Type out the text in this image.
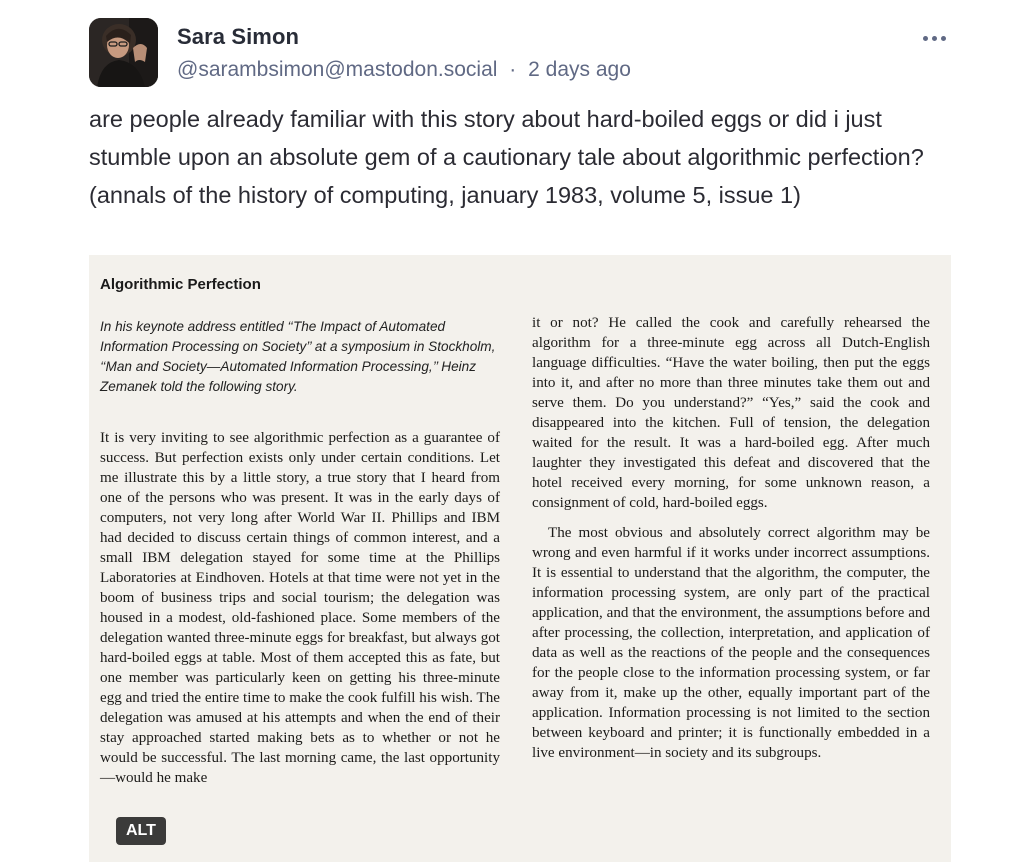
Sara Simon
@sarambsimon@mastodon.social · 2 days ago

are people already familiar with this story about hard-boiled eggs or did i just stumble upon an absolute gem of a cautionary tale about algorithmic perfection? (annals of the history of computing, january 1983, volume 5, issue 1)

Algorithmic Perfection

In his keynote address entitled ‘‘The Impact of Automated Information Processing on Society’’ at a symposium in Stockholm, ‘‘Man and Society—Automated Information Processing,’’ Heinz Zemanek told the following story.

It is very inviting to see algorithmic perfection as a guarantee of success. But perfection exists only under certain conditions. Let me illustrate this by a little story, a true story that I heard from one of the persons who was present. It was in the early days of computers, not very long after World War II. Phillips and IBM had decided to discuss certain things of common interest, and a small IBM delegation stayed for some time at the Phillips Laboratories at Eindhoven. Hotels at that time were not yet in the boom of business trips and social tourism; the delegation was housed in a modest, old-fashioned place. Some members of the delegation wanted three-minute eggs for breakfast, but always got hard-boiled eggs at table. Most of them accepted this as fate, but one member was particularly keen on getting his three-minute egg and tried the entire time to make the cook fulfill his wish. The delegation was amused at his attempts and when the end of their stay approached started making bets as to whether or not he would be successful. The last morning came, the last opportunity—would he make

it or not? He called the cook and carefully rehearsed the algorithm for a three-minute egg across all Dutch-English language difficulties. “Have the water boiling, then put the eggs into it, and after no more than three minutes take them out and serve them. Do you understand?” “Yes,” said the cook and disappeared into the kitchen. Full of tension, the delegation waited for the result. It was a hard-boiled egg. After much laughter they investigated this defeat and discovered that the hotel received every morning, for some unknown reason, a consignment of cold, hard-boiled eggs.

The most obvious and absolutely correct algorithm may be wrong and even harmful if it works under incorrect assumptions. It is essential to understand that the algorithm, the computer, the information processing system, are only part of the practical application, and that the environment, the assumptions before and after processing, the collection, interpretation, and application of data as well as the reactions of the people and the consequences for the people close to the information processing system, or far away from it, make up the other, equally important part of the application. Information processing is not limited to the section between keyboard and printer; it is functionally embedded in a live environment—in society and its subgroups.

ALT
